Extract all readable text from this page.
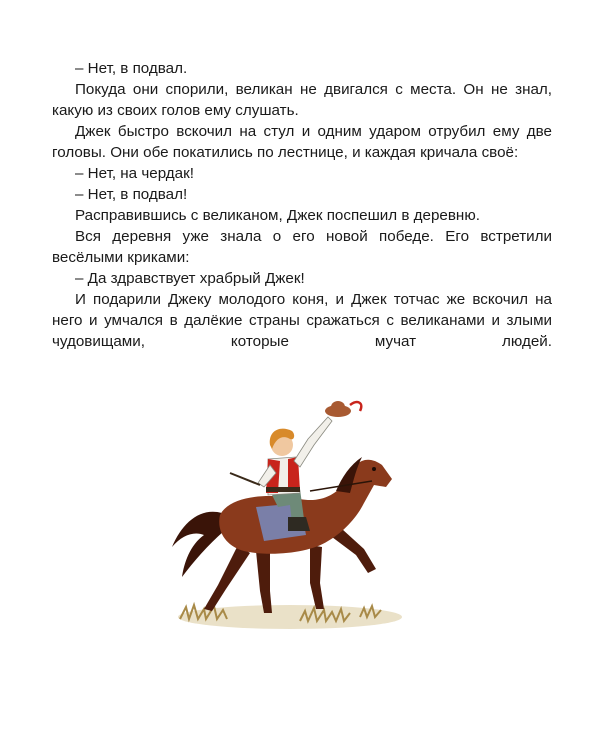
– Нет, в подвал.

Покуда они спорили, великан не двигался с места. Он не знал, какую из своих голов ему слушать.

Джек быстро вскочил на стул и одним ударом отрубил ему две головы. Они обе покатились по лестнице, и каждая кричала своё:

– Нет, на чердак!

– Нет, в подвал!

Расправившись с великаном, Джек поспешил в деревню.

Вся деревня уже знала о его новой победе. Его встретили весёлыми криками:

– Да здравствует храбрый Джек!

И подарили Джеку молодого коня, и Джек тотчас же вскочил на него и умчался в далёкие страны сражаться с великанами и злыми чудовищами, которые мучат людей.
